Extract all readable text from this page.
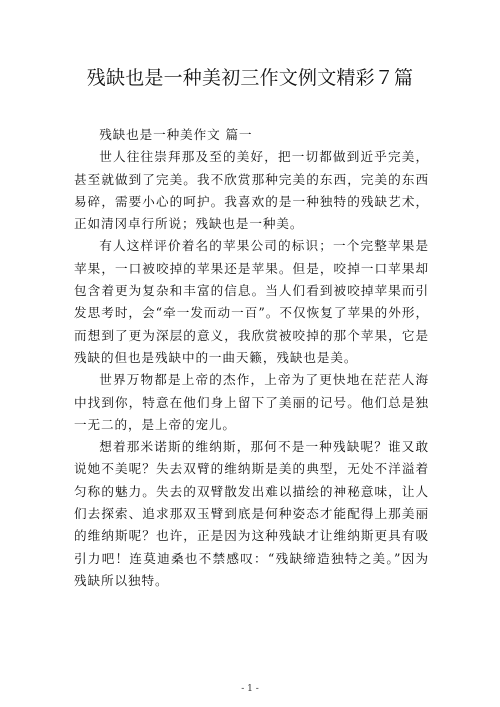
残缺也是一种美初三作文例文精彩７篇

残缺也是一种美作文 篇一

世人往往崇拜那及至的美好，把一切都做到近乎完美，甚至就做到了完美。我不欣赏那种完美的东西，完美的东西易碎，需要小心的呵护。我喜欢的是一种独特的残缺艺术，正如清冈卓行所说；残缺也是一种美。

有人这样评价着名的苹果公司的标识；一个完整苹果是苹果，一口被咬掉的苹果还是苹果。但是，咬掉一口苹果却包含着更为复杂和丰富的信息。当人们看到被咬掉苹果而引发思考时，会“牵一发而动一百”。不仅恢复了苹果的外形，而想到了更为深层的意义，我欣赏被咬掉的那个苹果，它是残缺的但也是残缺中的一曲天籁，残缺也是美。

世界万物都是上帝的杰作，上帝为了更快地在茫茫人海中找到你，特意在他们身上留下了美丽的记号。他们总是独一无二的，是上帝的宠儿。

想着那米诺斯的维纳斯，那何不是一种残缺呢？谁又敢说她不美呢？失去双臂的维纳斯是美的典型，无处不洋溢着匀称的魅力。失去的双臂散发出难以描绘的神秘意味，让人们去探索、追求那双玉臂到底是何种姿态才能配得上那美丽的维纳斯呢？也许，正是因为这种残缺才让维纳斯更具有吸引力吧！连莫迪桑也不禁感叹：“残缺缔造独特之美。”因为残缺所以独特。

- 1 -
